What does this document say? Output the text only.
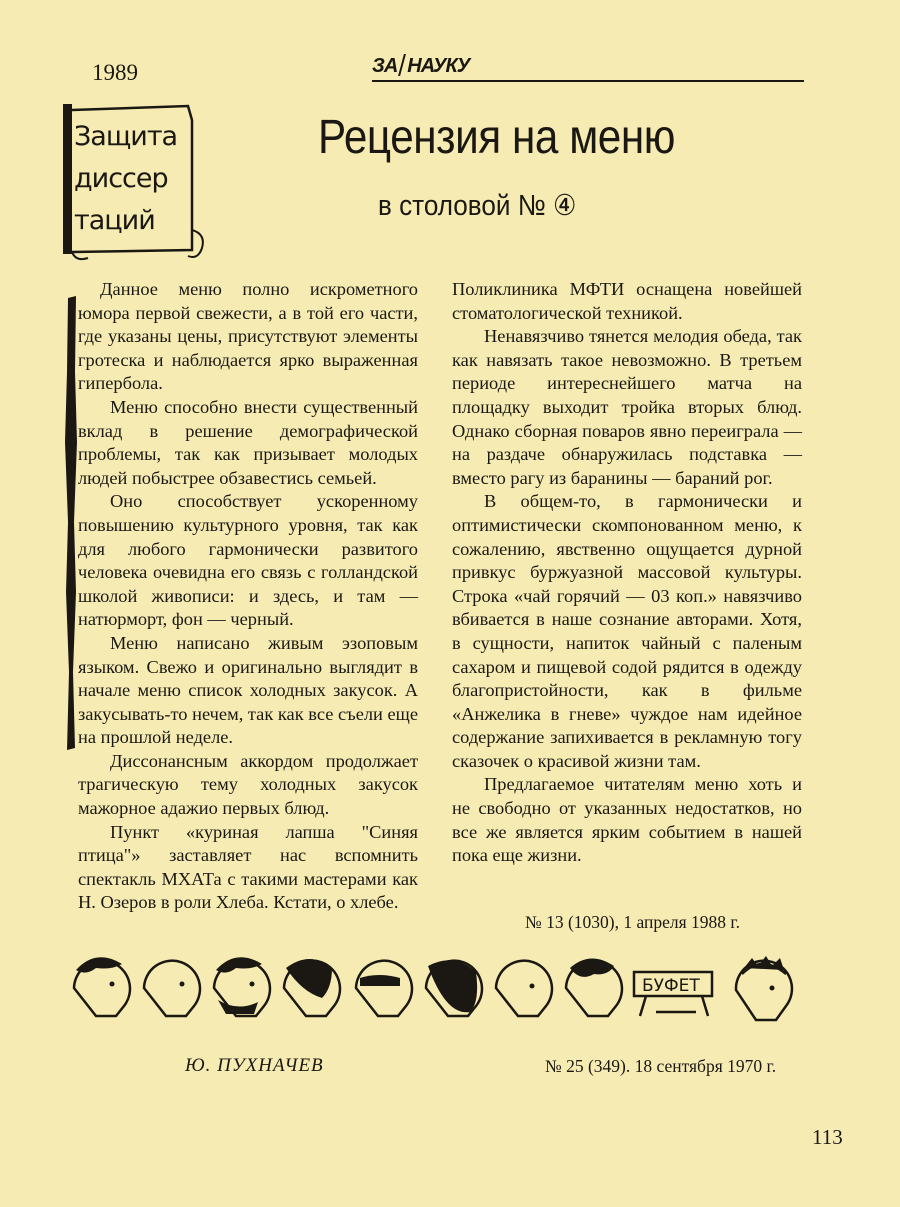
1989	ЗА НАУКУ
Защита
диссер
таций
Рецензия на меню
в столовой № ④

Данное меню полно искрометного юмора первой свежести, а в той его части, где указаны цены, присутствуют элементы гротеска и наблюдается ярко выраженная гипербола.

Меню способно внести существенный вклад в решение демографической проблемы, так как призывает молодых людей побыстрее обзавестись семьей.

Оно способствует ускоренному повышению культурного уровня, так как для любого гармонически развитого человека очевидна его связь с голландской школой живописи: и здесь, и там — натюрморт, фон — черный.

Меню написано живым эзоповым языком. Свежо и оригинально выглядит в начале меню список холодных закусок. А закусывать-то нечем, так как все съели еще на прошлой неделе.

Диссонансным аккордом продолжает трагическую тему холодных закусок мажорное адажио первых блюд.

Пункт «куриная лапша "Синяя птица"» заставляет нас вспомнить спектакль МХАТа с такими мастерами как Н. Озеров в роли Хлеба. Кстати, о хлебе.

Поликлиника МФТИ оснащена новейшей стоматологической техникой.

Ненавязчиво тянется мелодия обеда, так как навязать такое невозможно. В третьем периоде интереснейшего матча на площадку выходит тройка вторых блюд. Однако сборная поваров явно переиграла — на раздаче обнаружилась подставка — вместо рагу из баранины — бараний рог.

В общем-то, в гармонически и оптимистически скомпонованном меню, к сожалению, явственно ощущается дурной привкус буржуазной массовой культуры. Строка «чай горячий — 03 коп.» навязчиво вбивается в наше сознание авторами. Хотя, в сущности, напиток чайный с паленым сахаром и пищевой содой рядится в одежду благопристойности, как в фильме «Анжелика в гневе» чуждое нам идейное содержание запихивается в рекламную тогу сказочек о красивой жизни там.

Предлагаемое читателям меню хоть и не свободно от указанных недостатков, но все же является ярким событием в нашей пока еще жизни.

№ 13 (1030), 1 апреля 1988 г.
БУФЕТ
Ю. ПУХНАЧЕВ	№ 25 (349). 18 сентября 1970 г.
113
